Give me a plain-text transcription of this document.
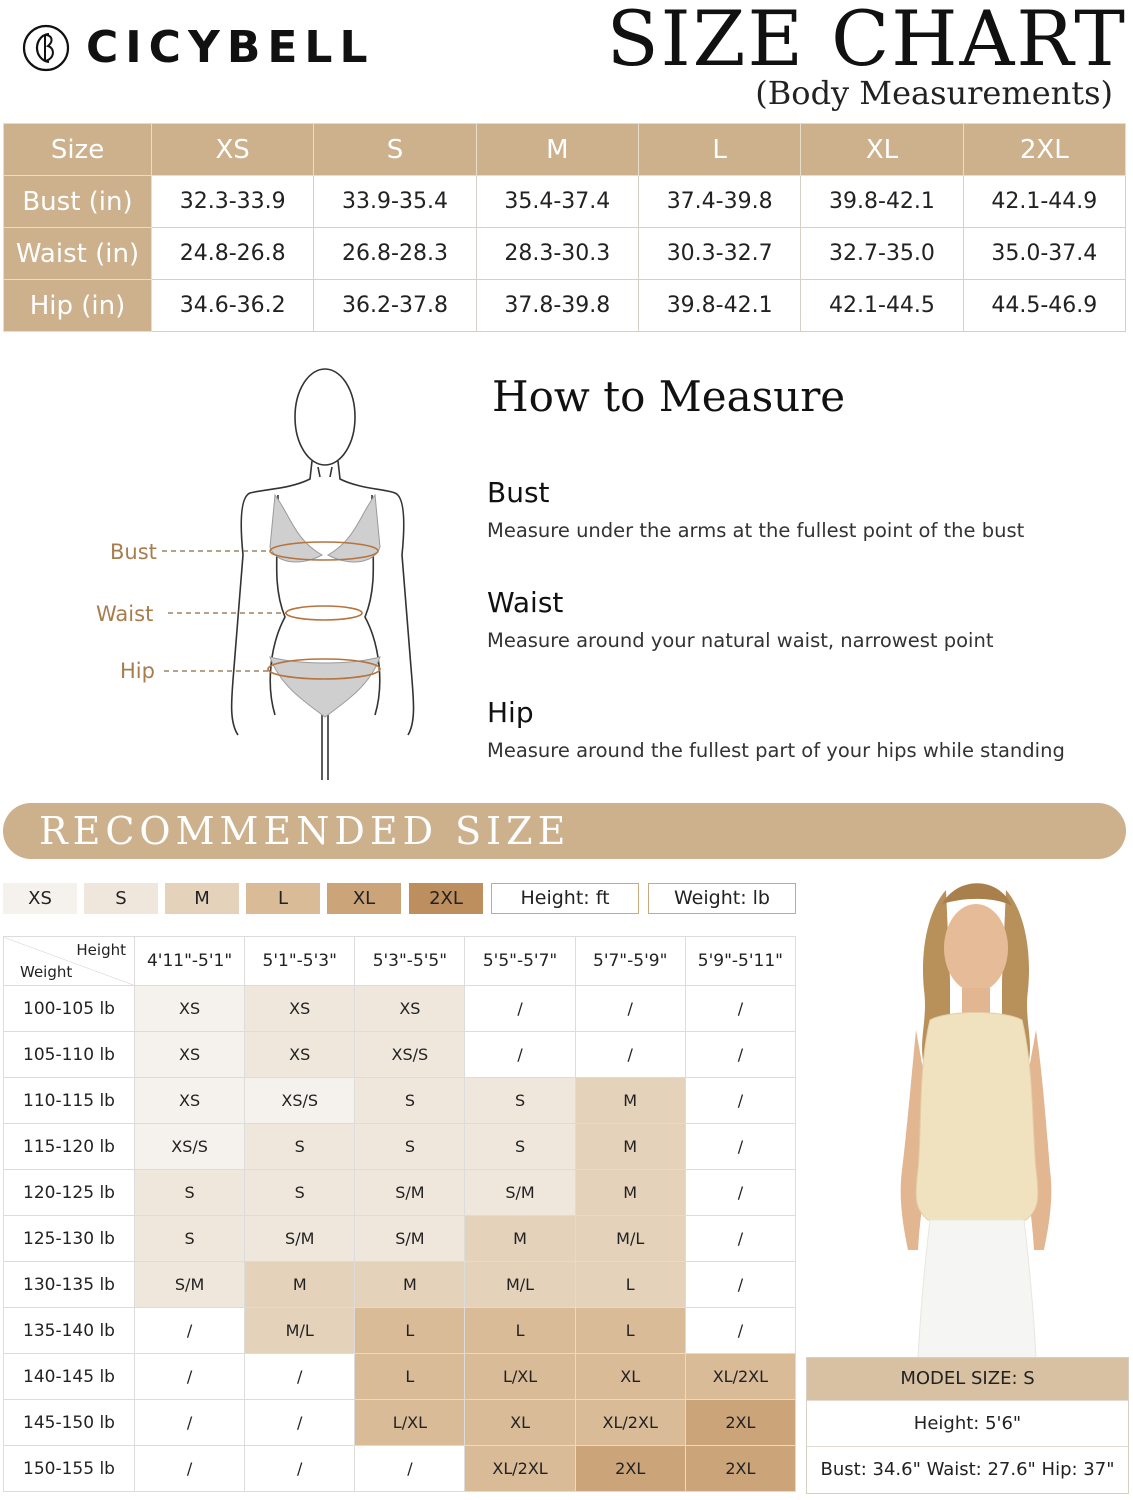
CICYBELL	SIZE CHART
(Body Measurements)
Size	XS	S	M	L	XL	2XL
Bust (in)	32.3-33.9	33.9-35.4	35.4-37.4	37.4-39.8	39.8-42.1	42.1-44.9
Waist (in)	24.8-26.8	26.8-28.3	28.3-30.3	30.3-32.7	32.7-35.0	35.0-37.4
Hip (in)	34.6-36.2	36.2-37.8	37.8-39.8	39.8-42.1	42.1-44.5	44.5-46.9
Bust
Waist
Hip
How to Measure
Bust
Measure under the arms at the fullest point of the bust
Waist
Measure around your natural waist, narrowest point
Hip
Measure around the fullest part of your hips while standing
RECOMMENDED SIZE
XS	S	M	L	XL	2XL	Height: ft	Weight: lb
Height
Weight	4'11"-5'1"	5'1"-5'3"	5'3"-5'5"	5'5"-5'7"	5'7"-5'9"	5'9"-5'11"
100-105 lb	XS	XS	XS	/	/	/
105-110 lb	XS	XS	XS/S	/	/	/
110-115 lb	XS	XS/S	S	S	M	/
115-120 lb	XS/S	S	S	S	M	/
120-125 lb	S	S	S/M	S/M	M	/
125-130 lb	S	S/M	S/M	M	M/L	/
130-135 lb	S/M	M	M	M/L	L	/
135-140 lb	/	M/L	L	L	L	/
140-145 lb	/	/	L	L/XL	XL	XL/2XL
145-150 lb	/	/	L/XL	XL	XL/2XL	2XL
150-155 lb	/	/	/	XL/2XL	2XL	2XL
MODEL SIZE: S
Height: 5'6"
Bust: 34.6" Waist: 27.6" Hip: 37"
